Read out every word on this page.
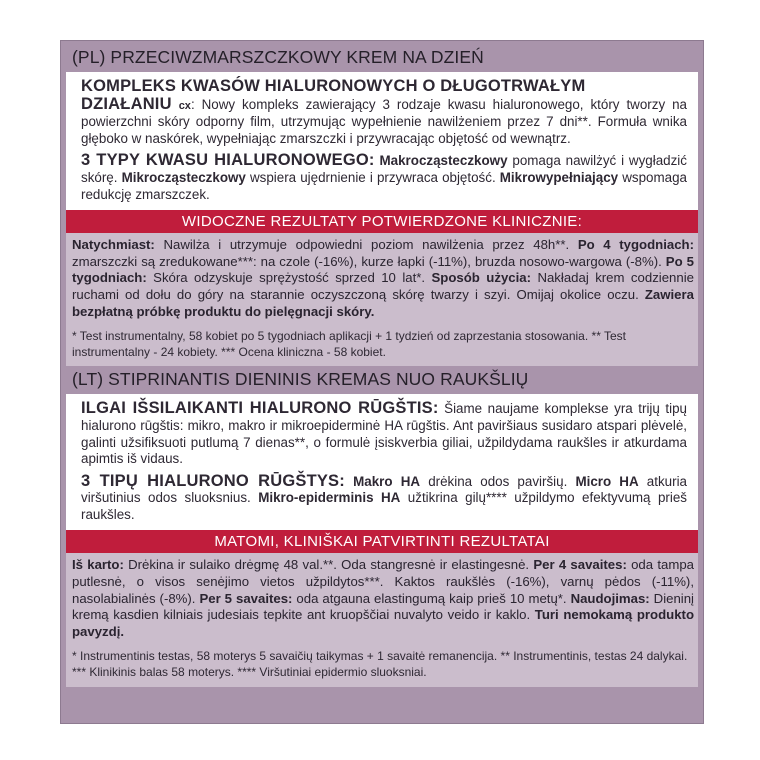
(PL) PRZECIWZMARSZCZKOWY KREM NA DZIEŃ

KOMPLEKS KWASÓW HIALURONOWYCH O DŁUGOTRWAŁYM
DZIAŁANIU cx: Nowy kompleks zawierający 3 rodzaje kwasu hialuronowego, który tworzy na powierzchni skóry odporny film, utrzymując wypełnienie nawilżeniem przez 7 dni**. Formuła wnika głęboko w naskórek, wypełniając zmarszczki i przywracając objętość od wewnątrz.

3 TYPY KWASU HIALURONOWEGO: Makrocząsteczkowy pomaga nawilżyć i wygładzić skórę. Mikrocząsteczkowy wspiera ujędrnienie i przywraca objętość. Mikrowypełniający wspomaga redukcję zmarszczek.

WIDOCZNE REZULTATY POTWIERDZONE KLINICZNIE:

Natychmiast: Nawilża i utrzymuje odpowiedni poziom nawilżenia przez 48h**. Po 4 tygodniach: zmarszczki są zredukowane***: na czole (-16%), kurze łapki (-11%), bruzda nosowo-wargowa (-8%). Po 5 tygodniach: Skóra odzyskuje sprężystość sprzed 10 lat*. Sposób użycia: Nakładaj krem codziennie ruchami od dołu do góry na starannie oczyszczoną skórę twarzy i szyi. Omijaj okolice oczu. Zawiera bezpłatną próbkę produktu do pielęgnacji skóry.

* Test instrumentalny, 58 kobiet po 5 tygodniach aplikacji + 1 tydzień od zaprzestania stosowania. ** Test instrumentalny - 24 kobiety. *** Ocena kliniczna - 58 kobiet.

(LT) STIPRINANTIS DIENINIS KREMAS NUO RAUKŠLIŲ

ILGAI IŠSILAIKANTI HIALURONO RŪGŠTIS: Šiame naujame komplekse yra trijų tipų hialurono rūgštis: mikro, makro ir mikroepiderminė HA rūgštis. Ant paviršiaus susidaro atspari plėvelė, galinti užsifiksuoti putlumą 7 dienas**, o formulė įsiskverbia giliai, užpildydama raukšles ir atkurdama apimtis iš vidaus.

3 TIPŲ HIALURONO RŪGŠTYS: Makro HA drėkina odos paviršių. Micro HA atkuria viršutinius odos sluoksnius. Mikro-epiderminis HA užtikrina gilų**** užpildymo efektyvumą prieš raukšles.

MATOMI, KLINIŠKAI PATVIRTINTI REZULTATAI

Iš karto: Drėkina ir sulaiko drėgmę 48 val.**. Oda stangresnė ir elastingesnė. Per 4 savaites: oda tampa putlesnė, o visos senėjimo vietos užpildytos***. Kaktos raukšlės (-16%), varnų pėdos (-11%), nasolabialinės (-8%). Per 5 savaites: oda atgauna elastingumą kaip prieš 10 metų*. Naudojimas: Dieninį kremą kasdien kilniais judesiais tepkite ant kruopščiai nuvalyto veido ir kaklo. Turi nemokamą produkto pavyzdį.

* Instrumentinis testas, 58 moterys 5 savaičių taikymas + 1 savaitė remanencija. ** Instrumentinis, testas 24 dalykai. *** Klinikinis balas 58 moterys. **** Viršutiniai epidermio sluoksniai.
